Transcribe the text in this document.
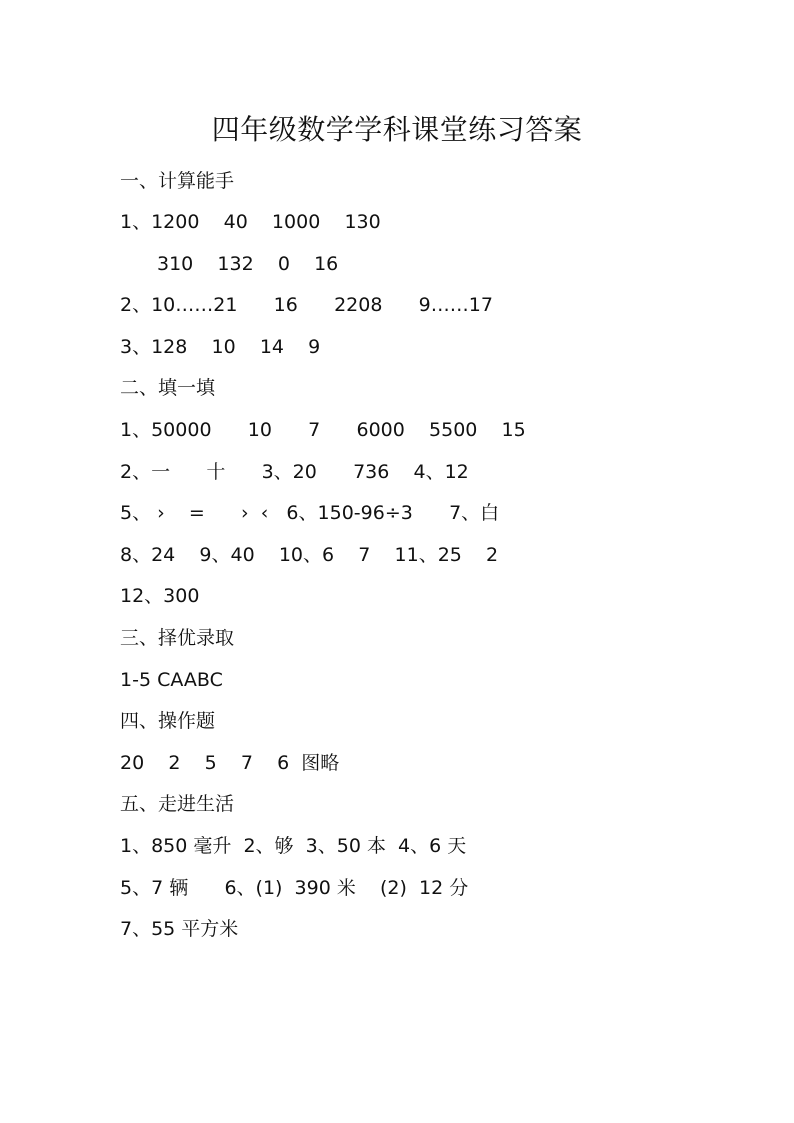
四年级数学学科课堂练习答案
一、计算能手
1、1200    40    1000    130
310    132    0    16
2、10……21      16      2208      9……17
3、128    10    14    9
二、填一填
1、50000      10      7      6000    5500    15
2、一      十      3、20      736    4、12
5、 ›    =      ›  ‹   6、150-96÷3      7、白
8、24    9、40    10、6    7    11、25    2
12、300
三、择优录取
1-5 CAABC
四、操作题
20    2    5    7    6  图略
五、走进生活
1、850 毫升  2、够  3、50 本  4、6 天
5、7 辆      6、(1)  390 米    (2)  12 分
7、55 平方米
